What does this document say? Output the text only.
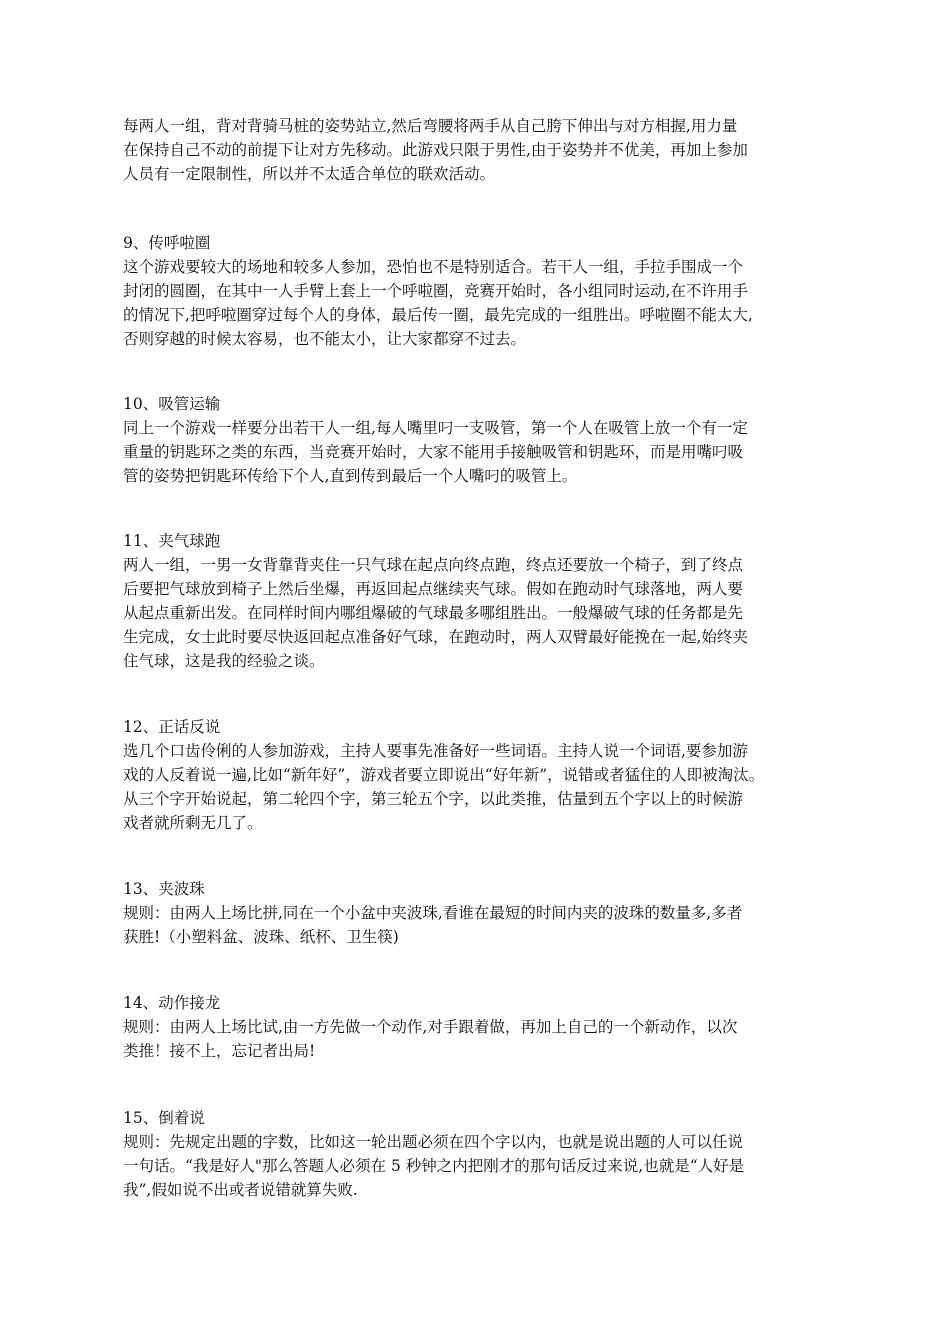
每两人一组，背对背骑马桩的姿势站立,然后弯腰将两手从自己胯下伸出与对方相握,用力量
在保持自己不动的前提下让对方先移动。此游戏只限于男性,由于姿势并不优美，再加上参加
人员有一定限制性，所以并不太适合单位的联欢活动。
9、传呼啦圈
这个游戏要较大的场地和较多人参加，恐怕也不是特别适合。若干人一组，手拉手围成一个
封闭的圆圈，在其中一人手臂上套上一个呼啦圈，竞赛开始时，各小组同时运动,在不许用手
的情况下,把呼啦圈穿过每个人的身体，最后传一圈，最先完成的一组胜出。呼啦圈不能太大,
否则穿越的时候太容易，也不能太小，让大家都穿不过去。
10、吸管运输
同上一个游戏一样要分出若干人一组,每人嘴里叼一支吸管，第一个人在吸管上放一个有一定
重量的钥匙环之类的东西，当竞赛开始时，大家不能用手接触吸管和钥匙环，而是用嘴叼吸
管的姿势把钥匙环传给下个人,直到传到最后一个人嘴叼的吸管上。
11、夹气球跑
两人一组，一男一女背靠背夹住一只气球在起点向终点跑，终点还要放一个椅子，到了终点
后要把气球放到椅子上然后坐爆，再返回起点继续夹气球。假如在跑动时气球落地，两人要
从起点重新出发。在同样时间内哪组爆破的气球最多哪组胜出。一般爆破气球的任务都是先
生完成，女士此时要尽快返回起点准备好气球，在跑动时，两人双臂最好能挽在一起,始终夹
住气球，这是我的经验之谈。
12、正话反说
选几个口齿伶俐的人参加游戏，主持人要事先准备好一些词语。主持人说一个词语,要参加游
戏的人反着说一遍,比如“新年好”，游戏者要立即说出“好年新”，说错或者猛住的人即被淘汰。
从三个字开始说起，第二轮四个字，第三轮五个字，以此类推，估量到五个字以上的时候游
戏者就所剩无几了。
13、夹波珠
规则：由两人上场比拼,同在一个小盆中夹波珠,看谁在最短的时间内夹的波珠的数量多,多者
获胜!（小塑料盆、波珠、纸杯、卫生筷)
14、动作接龙
规则：由两人上场比试,由一方先做一个动作,对手跟着做，再加上自己的一个新动作，以次
类推！接不上，忘记者出局!
15、倒着说
规则：先规定出题的字数，比如这一轮出题必须在四个字以内，也就是说出题的人可以任说
一句话。“我是好人"那么答题人必须在 5 秒钟之内把刚才的那句话反过来说,也就是“人好是
我”,假如说不出或者说错就算失败.
